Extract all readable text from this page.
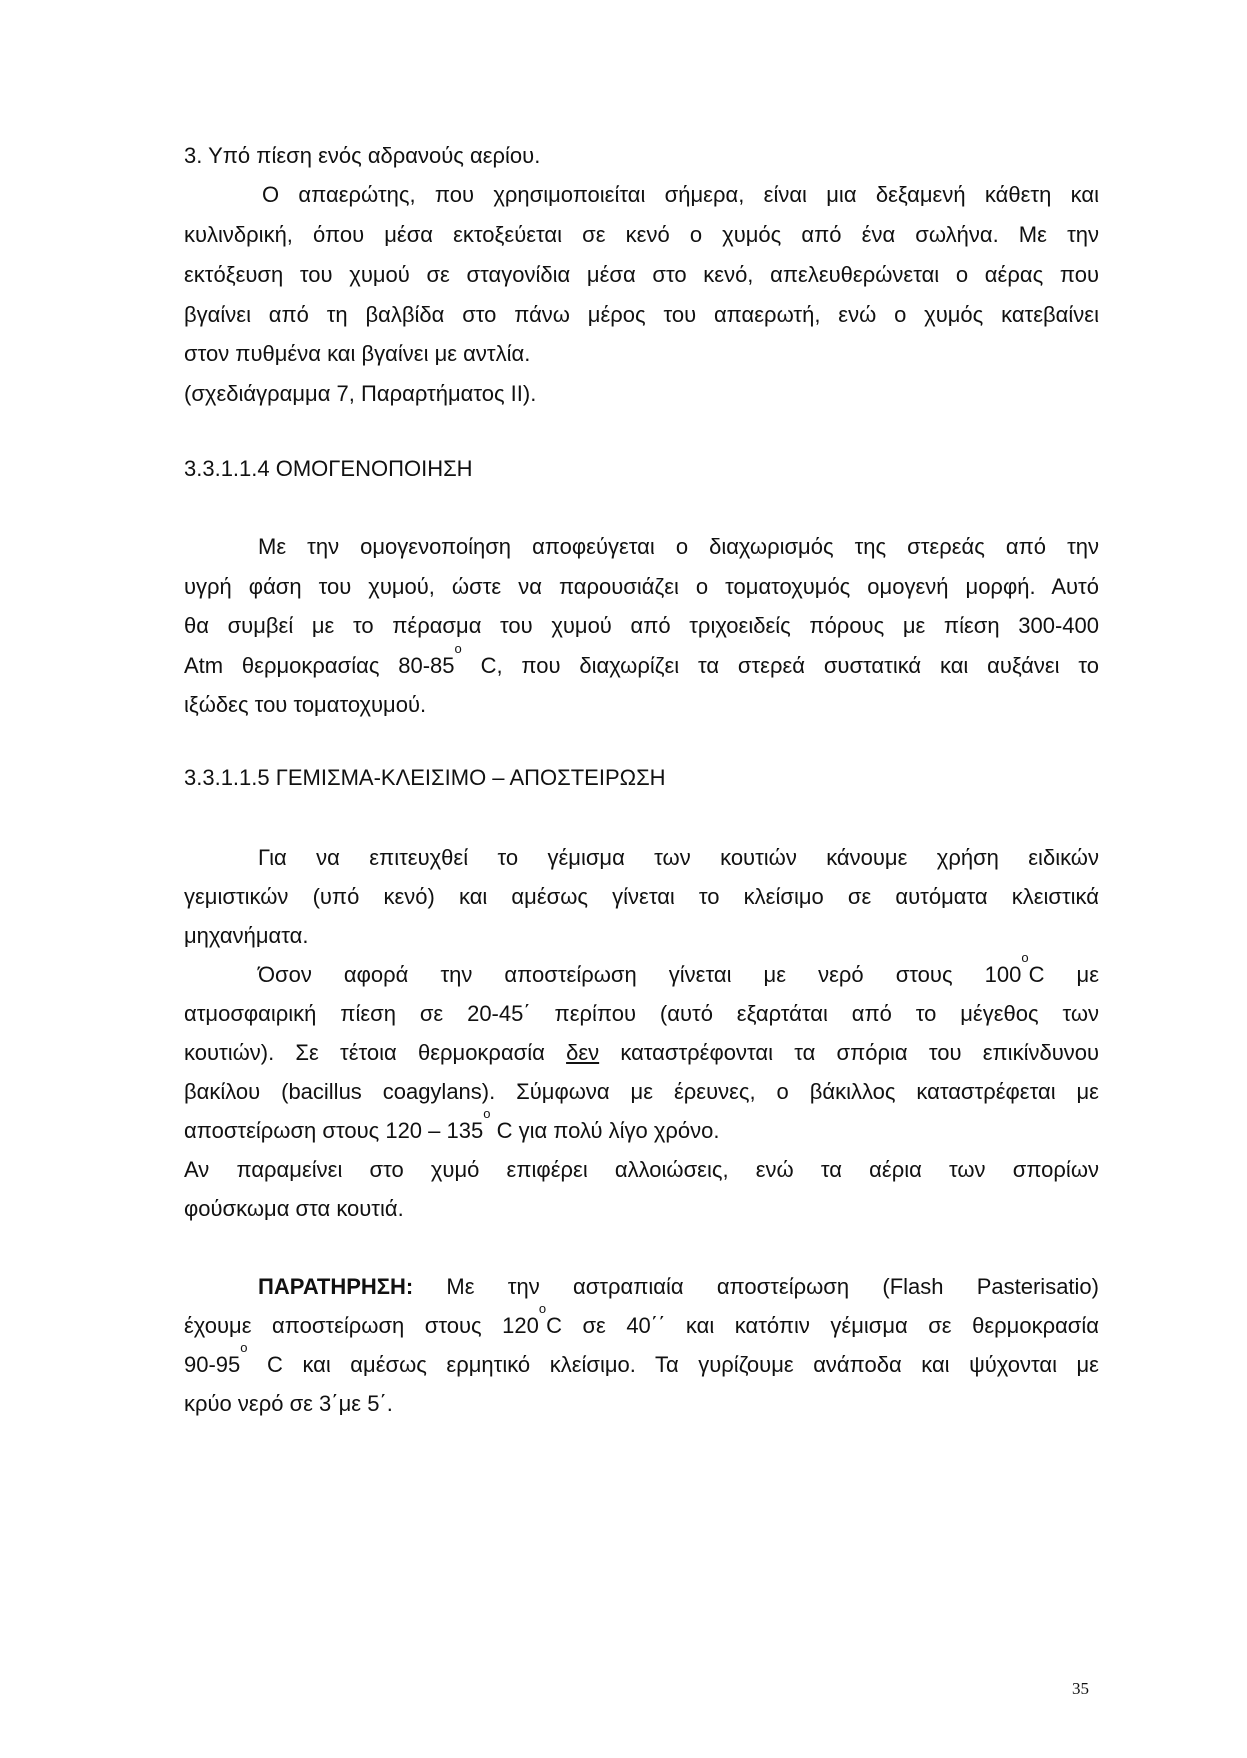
3. Υπό πίεση ενός αδρανούς αερίου.
Ο απαερώτης, που χρησιμοποιείται σήμερα, είναι μια δεξαμενή κάθετη και
κυλινδρική, όπου μέσα εκτοξεύεται σε κενό ο χυμός από ένα σωλήνα. Με την
εκτόξευση του χυμού σε σταγονίδια μέσα στο κενό, απελευθερώνεται ο αέρας που
βγαίνει από τη βαλβίδα στο πάνω μέρος του απαερωτή, ενώ ο χυμός κατεβαίνει
στον πυθμένα και βγαίνει με αντλία.
(σχεδιάγραμμα 7, Παραρτήματος ΙΙ).
3.3.1.1.4 ΟΜΟΓΕΝΟΠΟΙΗΣΗ
Με την ομογενοποίηση αποφεύγεται ο διαχωρισμός της στερεάς από την
υγρή φάση του χυμού, ώστε να παρουσιάζει ο τοματοχυμός ομογενή μορφή. Αυτό
θα συμβεί με το πέρασμα του χυμού από τριχοειδείς πόρους με πίεση 300-400
Atm θερμοκρασίας $80-85^o$ C, που διαχωρίζει τα στερεά συστατικά και αυξάνει το
ιξώδες του τοματοχυμού.
3.3.1.1.5 ΓΕΜΙΣΜΑ-ΚΛΕΙΣΙΜΟ – ΑΠΟΣΤΕΙΡΩΣΗ
Για να επιτευχθεί το γέμισμα των κουτιών κάνουμε χρήση ειδικών
γεμιστικών (υπό κενό) και αμέσως γίνεται το κλείσιμο σε αυτόματα κλειστικά
μηχανήματα.
Όσον αφορά την αποστείρωση γίνεται με νερό στους $100^oC$ με
ατμοσφαιρική πίεση σε 20-45΄ περίπου (αυτό εξαρτάται από το μέγεθος των
κουτιών). Σε τέτοια θερμοκρασία δεν καταστρέφονται τα σπόρια του επικίνδυνου
βακίλου (bacillus coagylans). Σύμφωνα με έρευνες, ο βάκιλλος καταστρέφεται με
αποστείρωση στους $120 - 135^o$ C για πολύ λίγο χρόνο.
Αν παραμείνει στο χυμό επιφέρει αλλοιώσεις, ενώ τα αέρια των σπορίων
φούσκωμα στα κουτιά.
ΠΑΡΑΤΗΡΗΣΗ: Με την αστραπιαία αποστείρωση (Flash Pasterisatio)
έχουμε αποστείρωση στους $120^oC$ σε 40΄΄ και κατόπιν γέμισμα σε θερμοκρασία
$90-95^o$ C και αμέσως ερμητικό κλείσιμο. Τα γυρίζουμε ανάποδα και ψύχονται με
κρύο νερό σε 3΄με 5΄.
35
